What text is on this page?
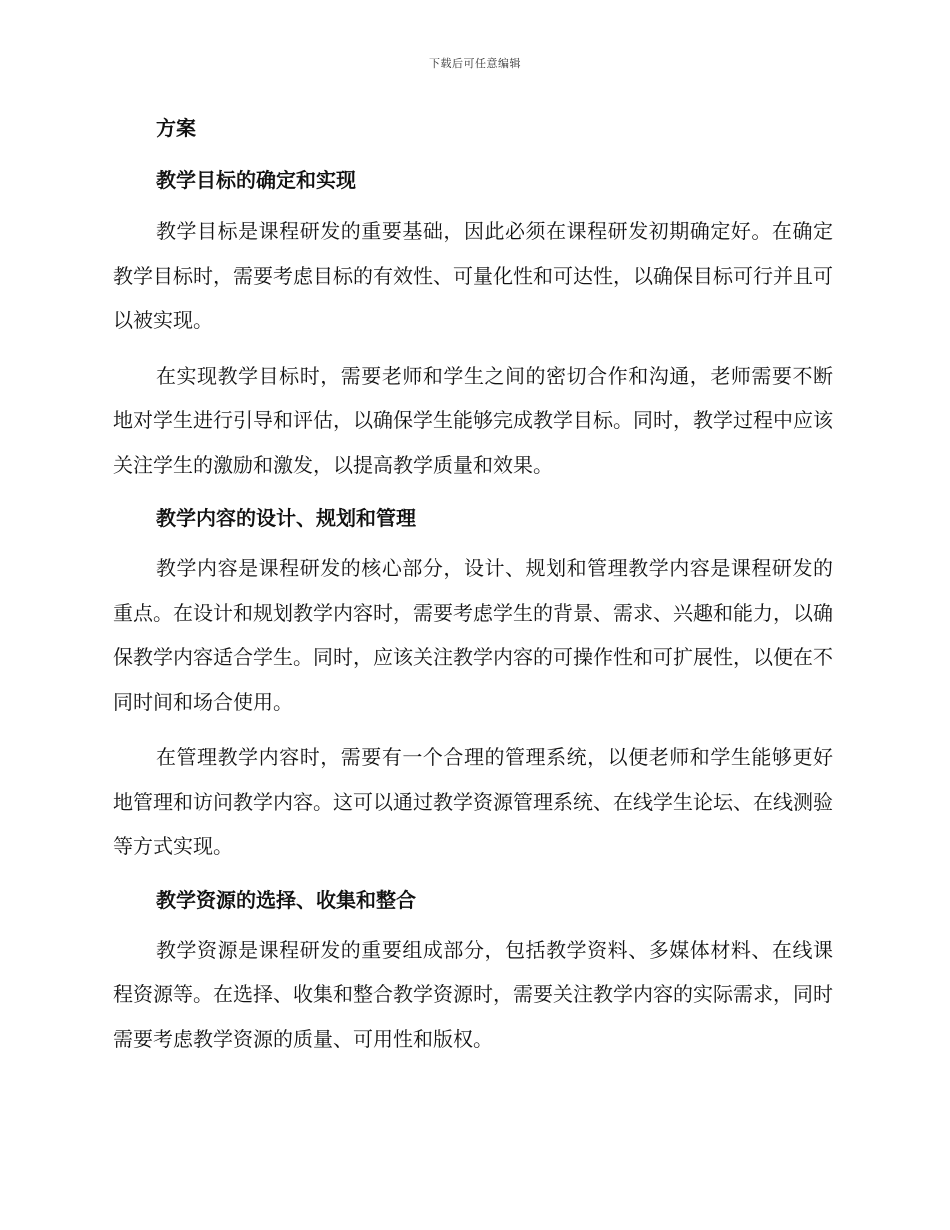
下载后可任意编辑

方案

教学目标的确定和实现

教学目标是课程研发的重要基础，因此必须在课程研发初期确定好。在确定教学目标时，需要考虑目标的有效性、可量化性和可达性，以确保目标可行并且可以被实现。

在实现教学目标时，需要老师和学生之间的密切合作和沟通，老师需要不断地对学生进行引导和评估，以确保学生能够完成教学目标。同时，教学过程中应该关注学生的激励和激发，以提高教学质量和效果。

教学内容的设计、规划和管理

教学内容是课程研发的核心部分，设计、规划和管理教学内容是课程研发的重点。在设计和规划教学内容时，需要考虑学生的背景、需求、兴趣和能力，以确保教学内容适合学生。同时，应该关注教学内容的可操作性和可扩展性，以便在不同时间和场合使用。

在管理教学内容时，需要有一个合理的管理系统，以便老师和学生能够更好地管理和访问教学内容。这可以通过教学资源管理系统、在线学生论坛、在线测验等方式实现。

教学资源的选择、收集和整合

教学资源是课程研发的重要组成部分，包括教学资料、多媒体材料、在线课程资源等。在选择、收集和整合教学资源时，需要关注教学内容的实际需求，同时需要考虑教学资源的质量、可用性和版权。
